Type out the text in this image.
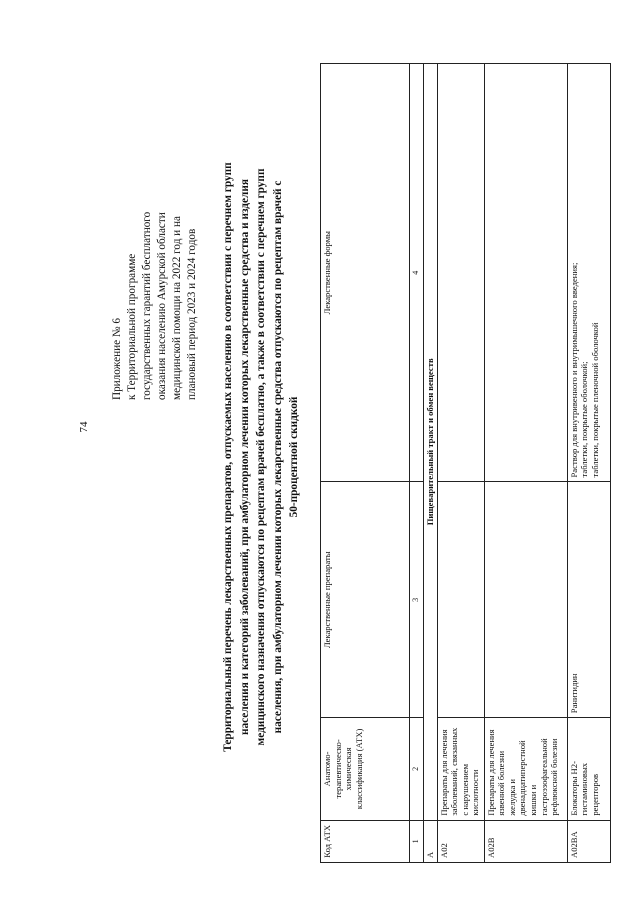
74
Приложение № 6 к Территориальной программе государственных гарантий бесплатного оказания населению Амурской области медицинской помощи на 2022 год и на плановый период 2023 и 2024 годов Территориальный перечень лекарственных препаратов, отпускаемых населению в соответствии с перечнем групп населения и категорий заболеваний, при амбулаторном лечении которых лекарственные средства и изделия медицинского назначения отпускаются по рецептам врачей бесплатно, а также в соответствии с перечнем групп населения, при амбулаторном лечении которых лекарственные средства отпускаются по рецептам врачей с 50-процентной скидкой
Код АТХ	Анатомо-терапевтическо-химическая классификация (АТХ)	Лекарственные препараты	Лекарственные формы
1	2	3	4
А	Пищеварительный тракт и обмен веществ		
A02	Препараты для лечения заболеваний, связанных с нарушением кислотности		
A02B	Препараты для лечения язвенной болезни желудка и двенадцатиперстной кишки и гастроэзофагеальной рефлюксной болезни		
A02BA	Блокаторы Н2-гистаминовых рецепторов	Ранитидин	Раствор для внутривенного и внутримышечного введения; таблетки, покрытые оболочкой; таблетки, покрытые пленочной оболочкой
